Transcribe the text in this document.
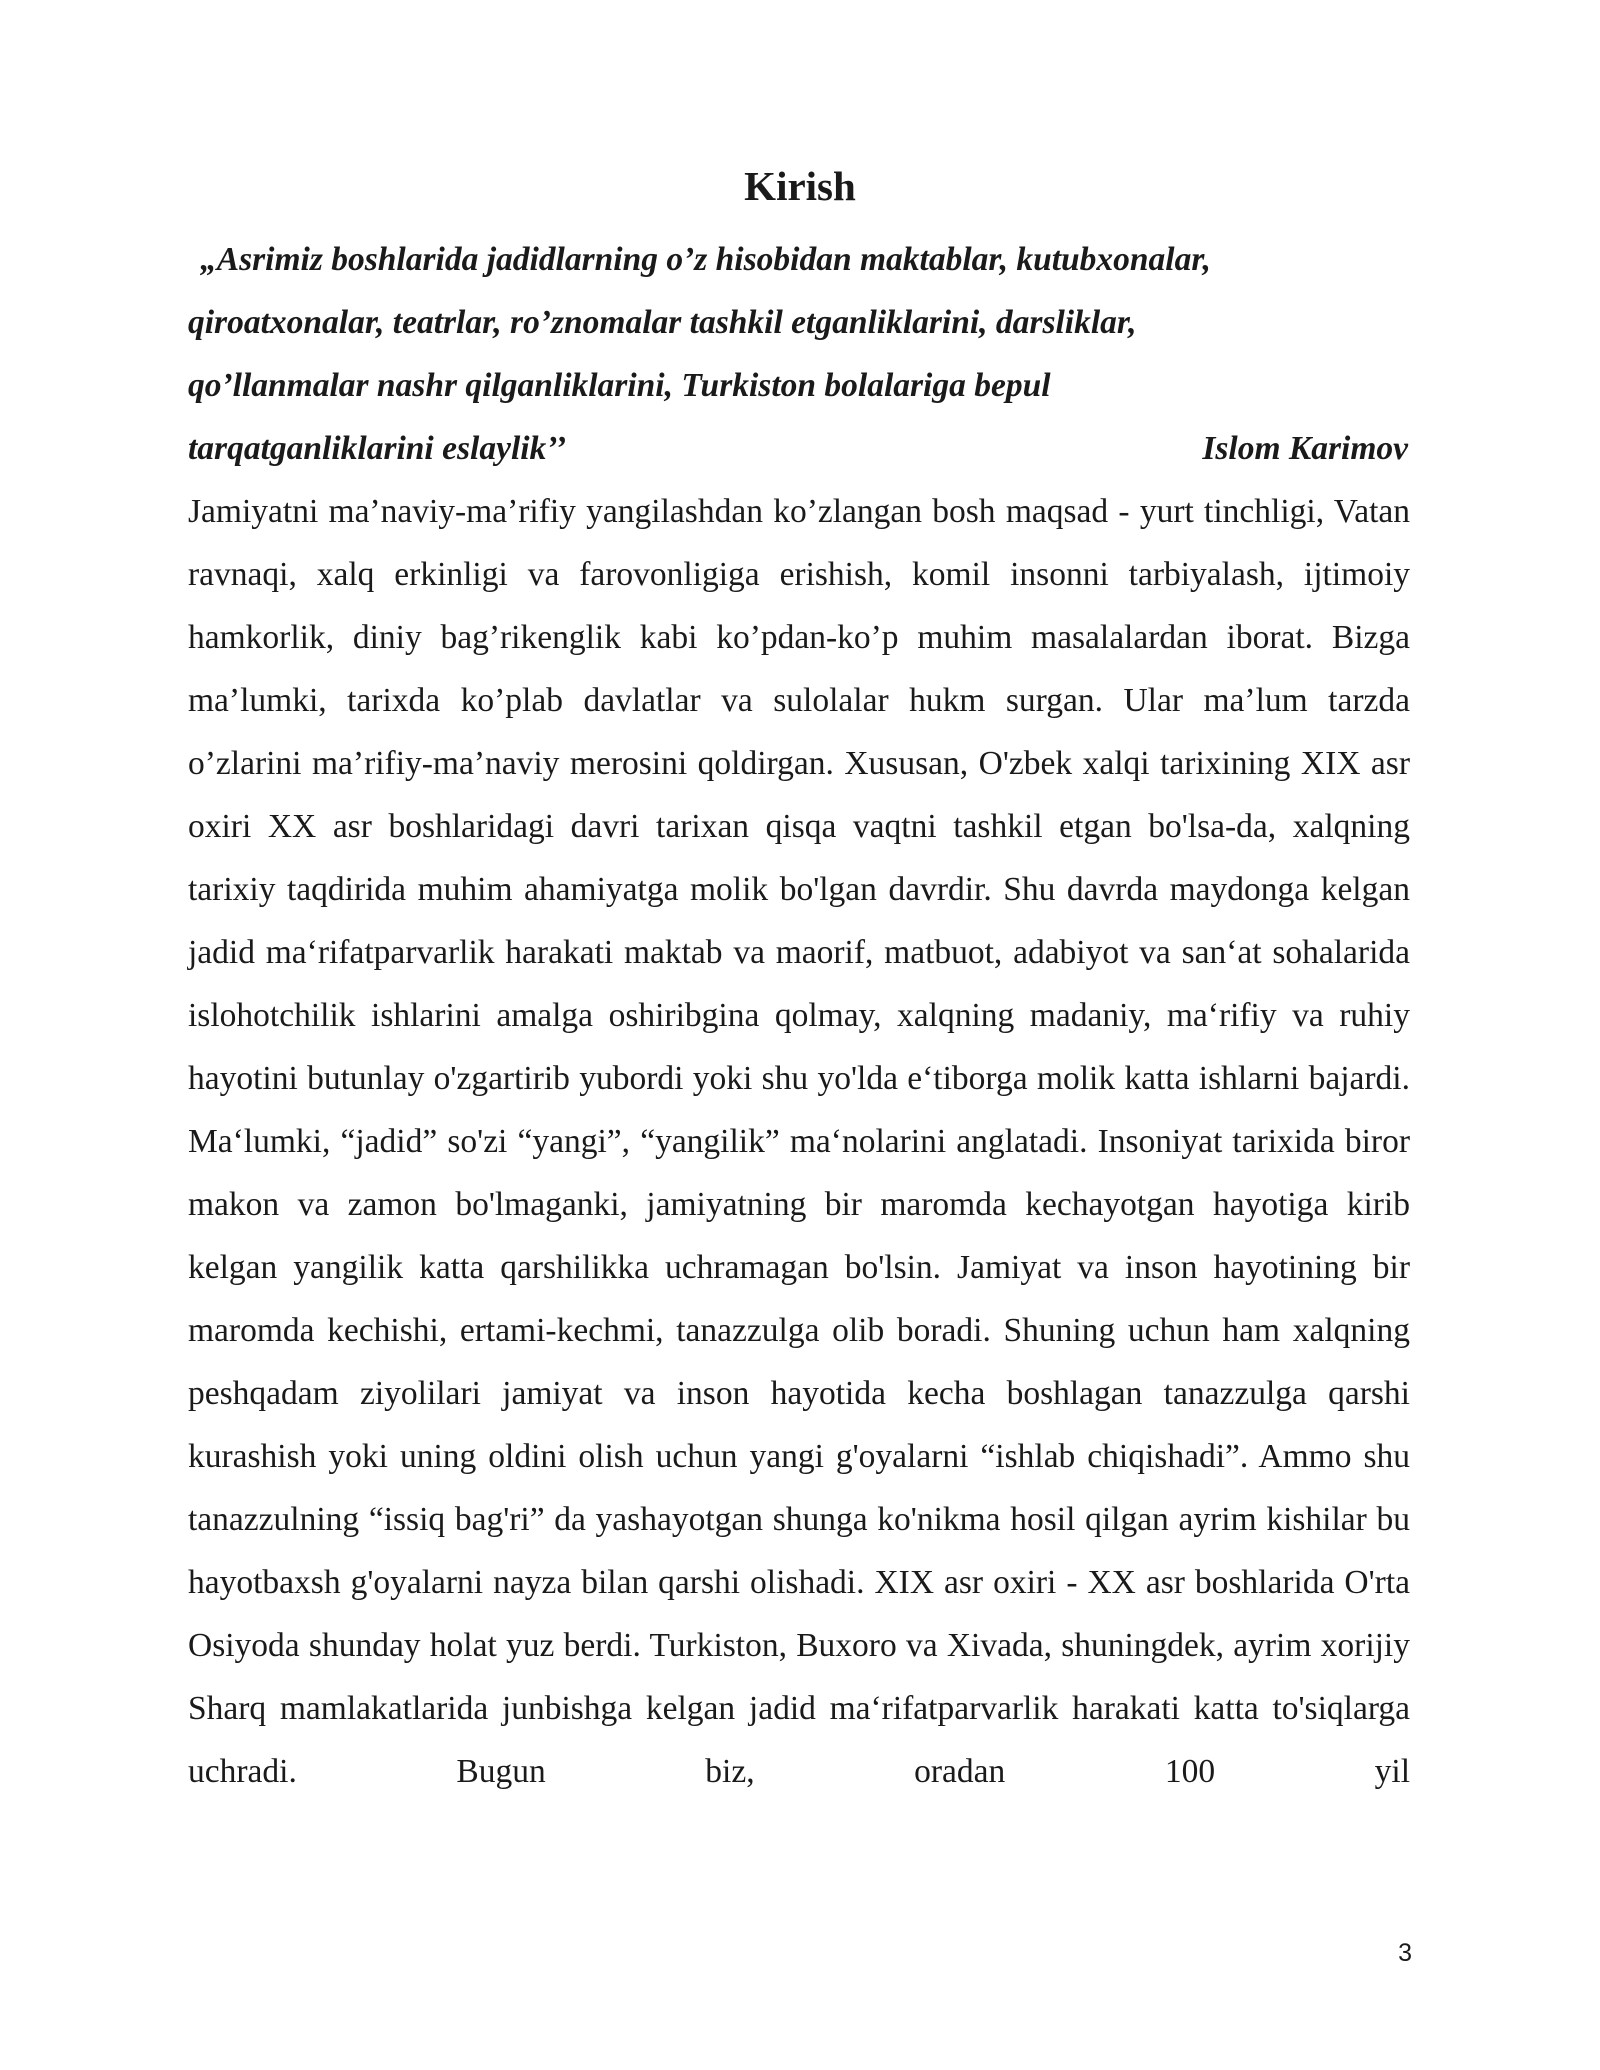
Kirish
„Asrimiz boshlarida jadidlarning o’z hisobidan maktablar, kutubxonalar,
qiroatxonalar, teatrlar, ro’znomalar tashkil etganliklarini, darsliklar,
qo’llanmalar nashr qilganliklarini, Turkiston bolalariga bepul
tarqatganliklarini eslaylik’’	Islom Karimov
Jamiyatni ma’naviy-ma’rifiy yangilashdan ko’zlangan bosh maqsad - yurt tinchligi, Vatan ravnaqi, xalq erkinligi va farovonligiga erishish, komil insonni tarbiyalash, ijtimoiy hamkorlik, diniy bag’rikenglik kabi ko’pdan-ko’p muhim masalalardan iborat. Bizga ma’lumki, tarixda ko’plab davlatlar va sulolalar hukm surgan. Ular ma’lum tarzda o’zlarini ma’rifiy-ma’naviy merosini qoldirgan. Xususan, O'zbek xalqi tarixining XIX asr oxiri XX asr boshlaridagi davri tarixan qisqa vaqtni tashkil etgan bo'lsa-da, xalqning tarixiy taqdirida muhim ahamiyatga molik bo'lgan davrdir. Shu davrda maydonga kelgan jadid ma‘rifatparvarlik harakati maktab va maorif, matbuot, adabiyot va san‘at sohalarida islohotchilik ishlarini amalga oshiribgina qolmay, xalqning madaniy, ma‘rifiy va ruhiy hayotini butunlay o'zgartirib yubordi yoki shu yo'lda e‘tiborga molik katta ishlarni bajardi. Ma‘lumki, “jadid” so'zi “yangi”, “yangilik” ma‘nolarini anglatadi. Insoniyat tarixida biror makon va zamon bo'lmaganki, jamiyatning bir maromda kechayotgan hayotiga kirib kelgan yangilik katta qarshilikka uchramagan bo'lsin. Jamiyat va inson hayotining bir maromda kechishi, ertami-kechmi, tanazzulga olib boradi. Shuning uchun ham xalqning peshqadam ziyolilari jamiyat va inson hayotida kecha boshlagan tanazzulga qarshi kurashish yoki uning oldini olish uchun yangi g'oyalarni “ishlab chiqishadi”. Ammo shu tanazzulning “issiq bag'ri” da yashayotgan shunga ko'nikma hosil qilgan ayrim kishilar bu hayotbaxsh g'oyalarni nayza bilan qarshi olishadi. XIX asr oxiri - XX asr boshlarida O'rta Osiyoda shunday holat yuz berdi. Turkiston, Buxoro va Xivada, shuningdek, ayrim xorijiy Sharq mamlakatlarida junbishga kelgan jadid ma‘rifatparvarlik harakati katta to'siqlarga uchradi. Bugun biz, oradan 100 yil
3
